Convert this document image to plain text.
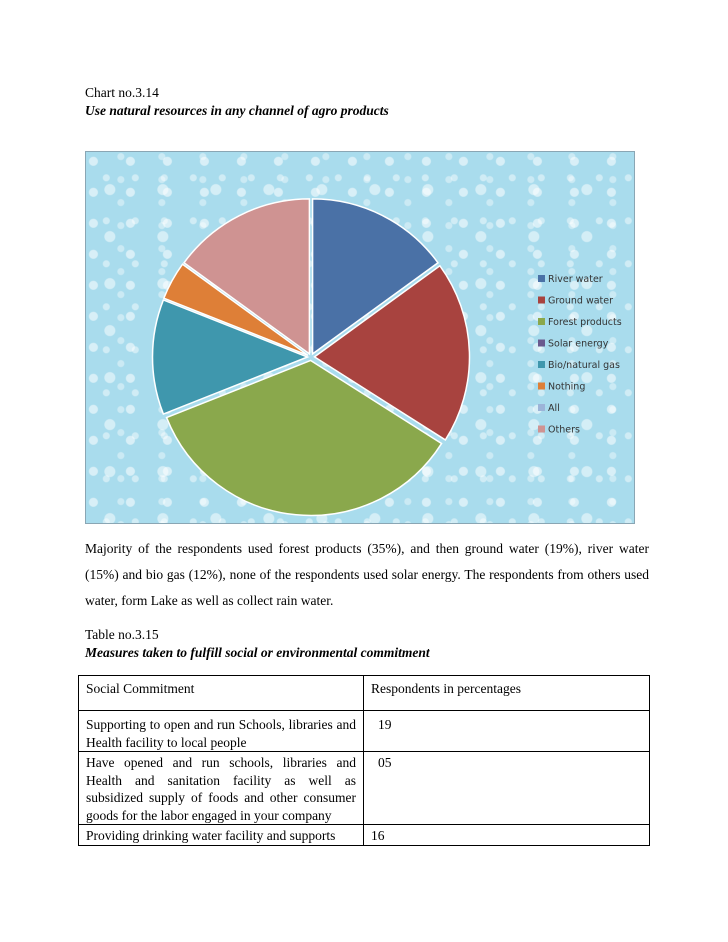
Chart no.3.14
Use natural resources in any channel of agro products
River water
Ground water
Forest products
Solar energy
Bio/natural gas
Nothing
All
Others

Majority of the respondents used forest products (35%), and then ground water (19%), river water (15%) and bio gas (12%), none of the respondents used solar energy. The respondents from others used water, form Lake as well as collect rain water.

Table no.3.15
Measures taken to fulfill social or environmental commitment
Social Commitment	Respondents in percentages
Supporting to open and run Schools, libraries and Health facility to local people	19
Have opened and run schools, libraries and Health and sanitation facility as well as subsidized supply of foods and other consumer goods for the labor engaged in your company	05
Providing drinking water facility and supports	16
